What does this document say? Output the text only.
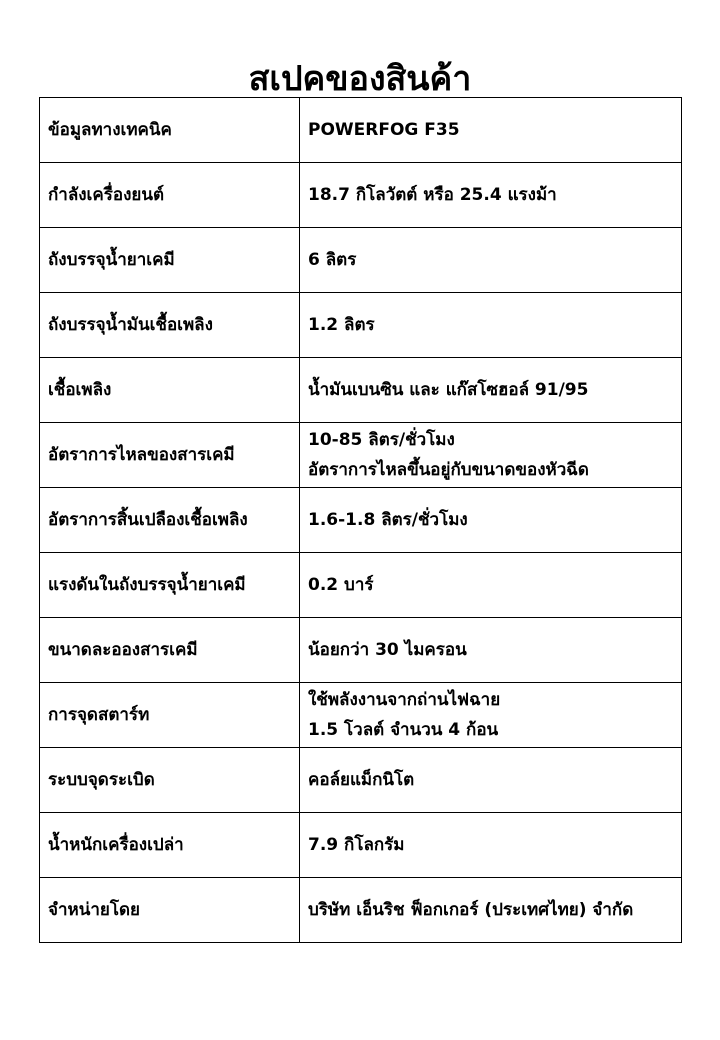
สเปคของสินค้า
ข้อมูลทางเทคนิค	POWERFOG F35

กำลังเครื่องยนต์	18.7 กิโลวัตต์ หรือ 25.4 แรงม้า

ถังบรรจุน้ำยาเคมี	6 ลิตร

ถังบรรจุน้ำมันเชื้อเพลิง	1.2 ลิตร

เชื้อเพลิง	น้ำมันเบนซิน และ แก๊สโซฮอล์ 91/95

อัตราการไหลของสารเคมี	10-85 ลิตร/ชั่วโมง
อัตราการไหลขึ้นอยู่กับขนาดของหัวฉีด

อัตราการสิ้นเปลืองเชื้อเพลิง	1.6-1.8 ลิตร/ชั่วโมง

แรงดันในถังบรรจุน้ำยาเคมี	0.2 บาร์

ขนาดละอองสารเคมี	น้อยกว่า 30 ไมครอน

การจุดสตาร์ท	ใช้พลังงานจากถ่านไฟฉาย
1.5 โวลต์ จำนวน 4 ก้อน

ระบบจุดระเบิด	คอล์ยแม็กนิโต

น้ำหนักเครื่องเปล่า	7.9 กิโลกรัม

จำหน่ายโดย	บริษัท เอ็นริช ฟ็อกเกอร์ (ประเทศไทย) จำกัด
